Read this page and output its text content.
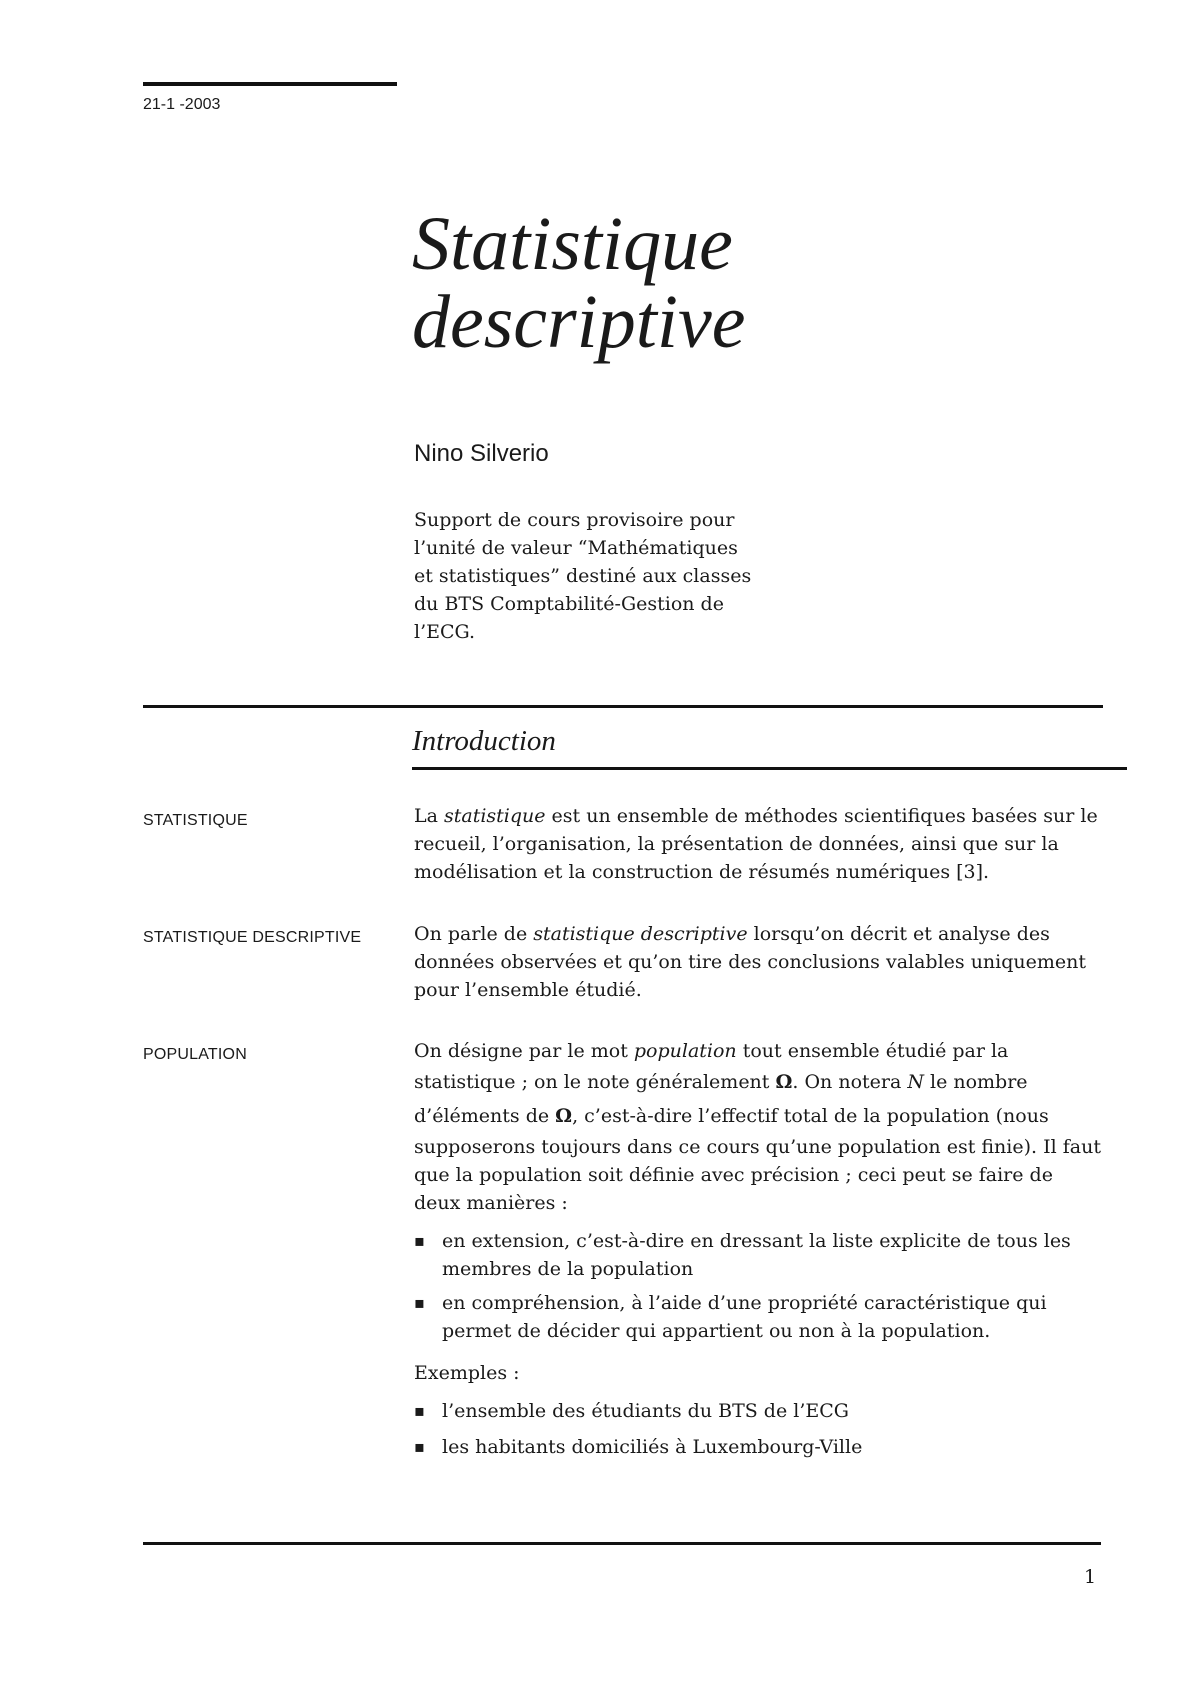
21-1 -2003
Statistique
descriptive
Nino Silverio
Support de cours provisoire pour
l’unité de valeur “Mathématiques
et statistiques” destiné aux classes
du BTS Comptabilité-Gestion de
l’ECG.
Introduction
STATISTIQUE	La statistique est un ensemble de méthodes scientifiques basées sur le
recueil, l’organisation, la présentation de données, ainsi que sur la
modélisation et la construction de résumés numériques [3].
STATISTIQUE DESCRIPTIVE	On parle de statistique descriptive lorsqu’on décrit et analyse des
données observées et qu’on tire des conclusions valables uniquement
pour l’ensemble étudié.
POPULATION	On désigne par le mot population tout ensemble étudié par la
statistique ; on le note généralement Ω. On notera N le nombre
d’éléments de Ω, c’est-à-dire l’effectif total de la population (nous
supposerons toujours dans ce cours qu’une population est finie). Il faut
que la population soit définie avec précision ; ceci peut se faire de
deux manières :
▪ en extension, c’est-à-dire en dressant la liste explicite de tous les
membres de la population
▪ en compréhension, à l’aide d’une propriété caractéristique qui
permet de décider qui appartient ou non à la population.
Exemples :
▪ l’ensemble des étudiants du BTS de l’ECG
▪ les habitants domiciliés à Luxembourg-Ville
1
